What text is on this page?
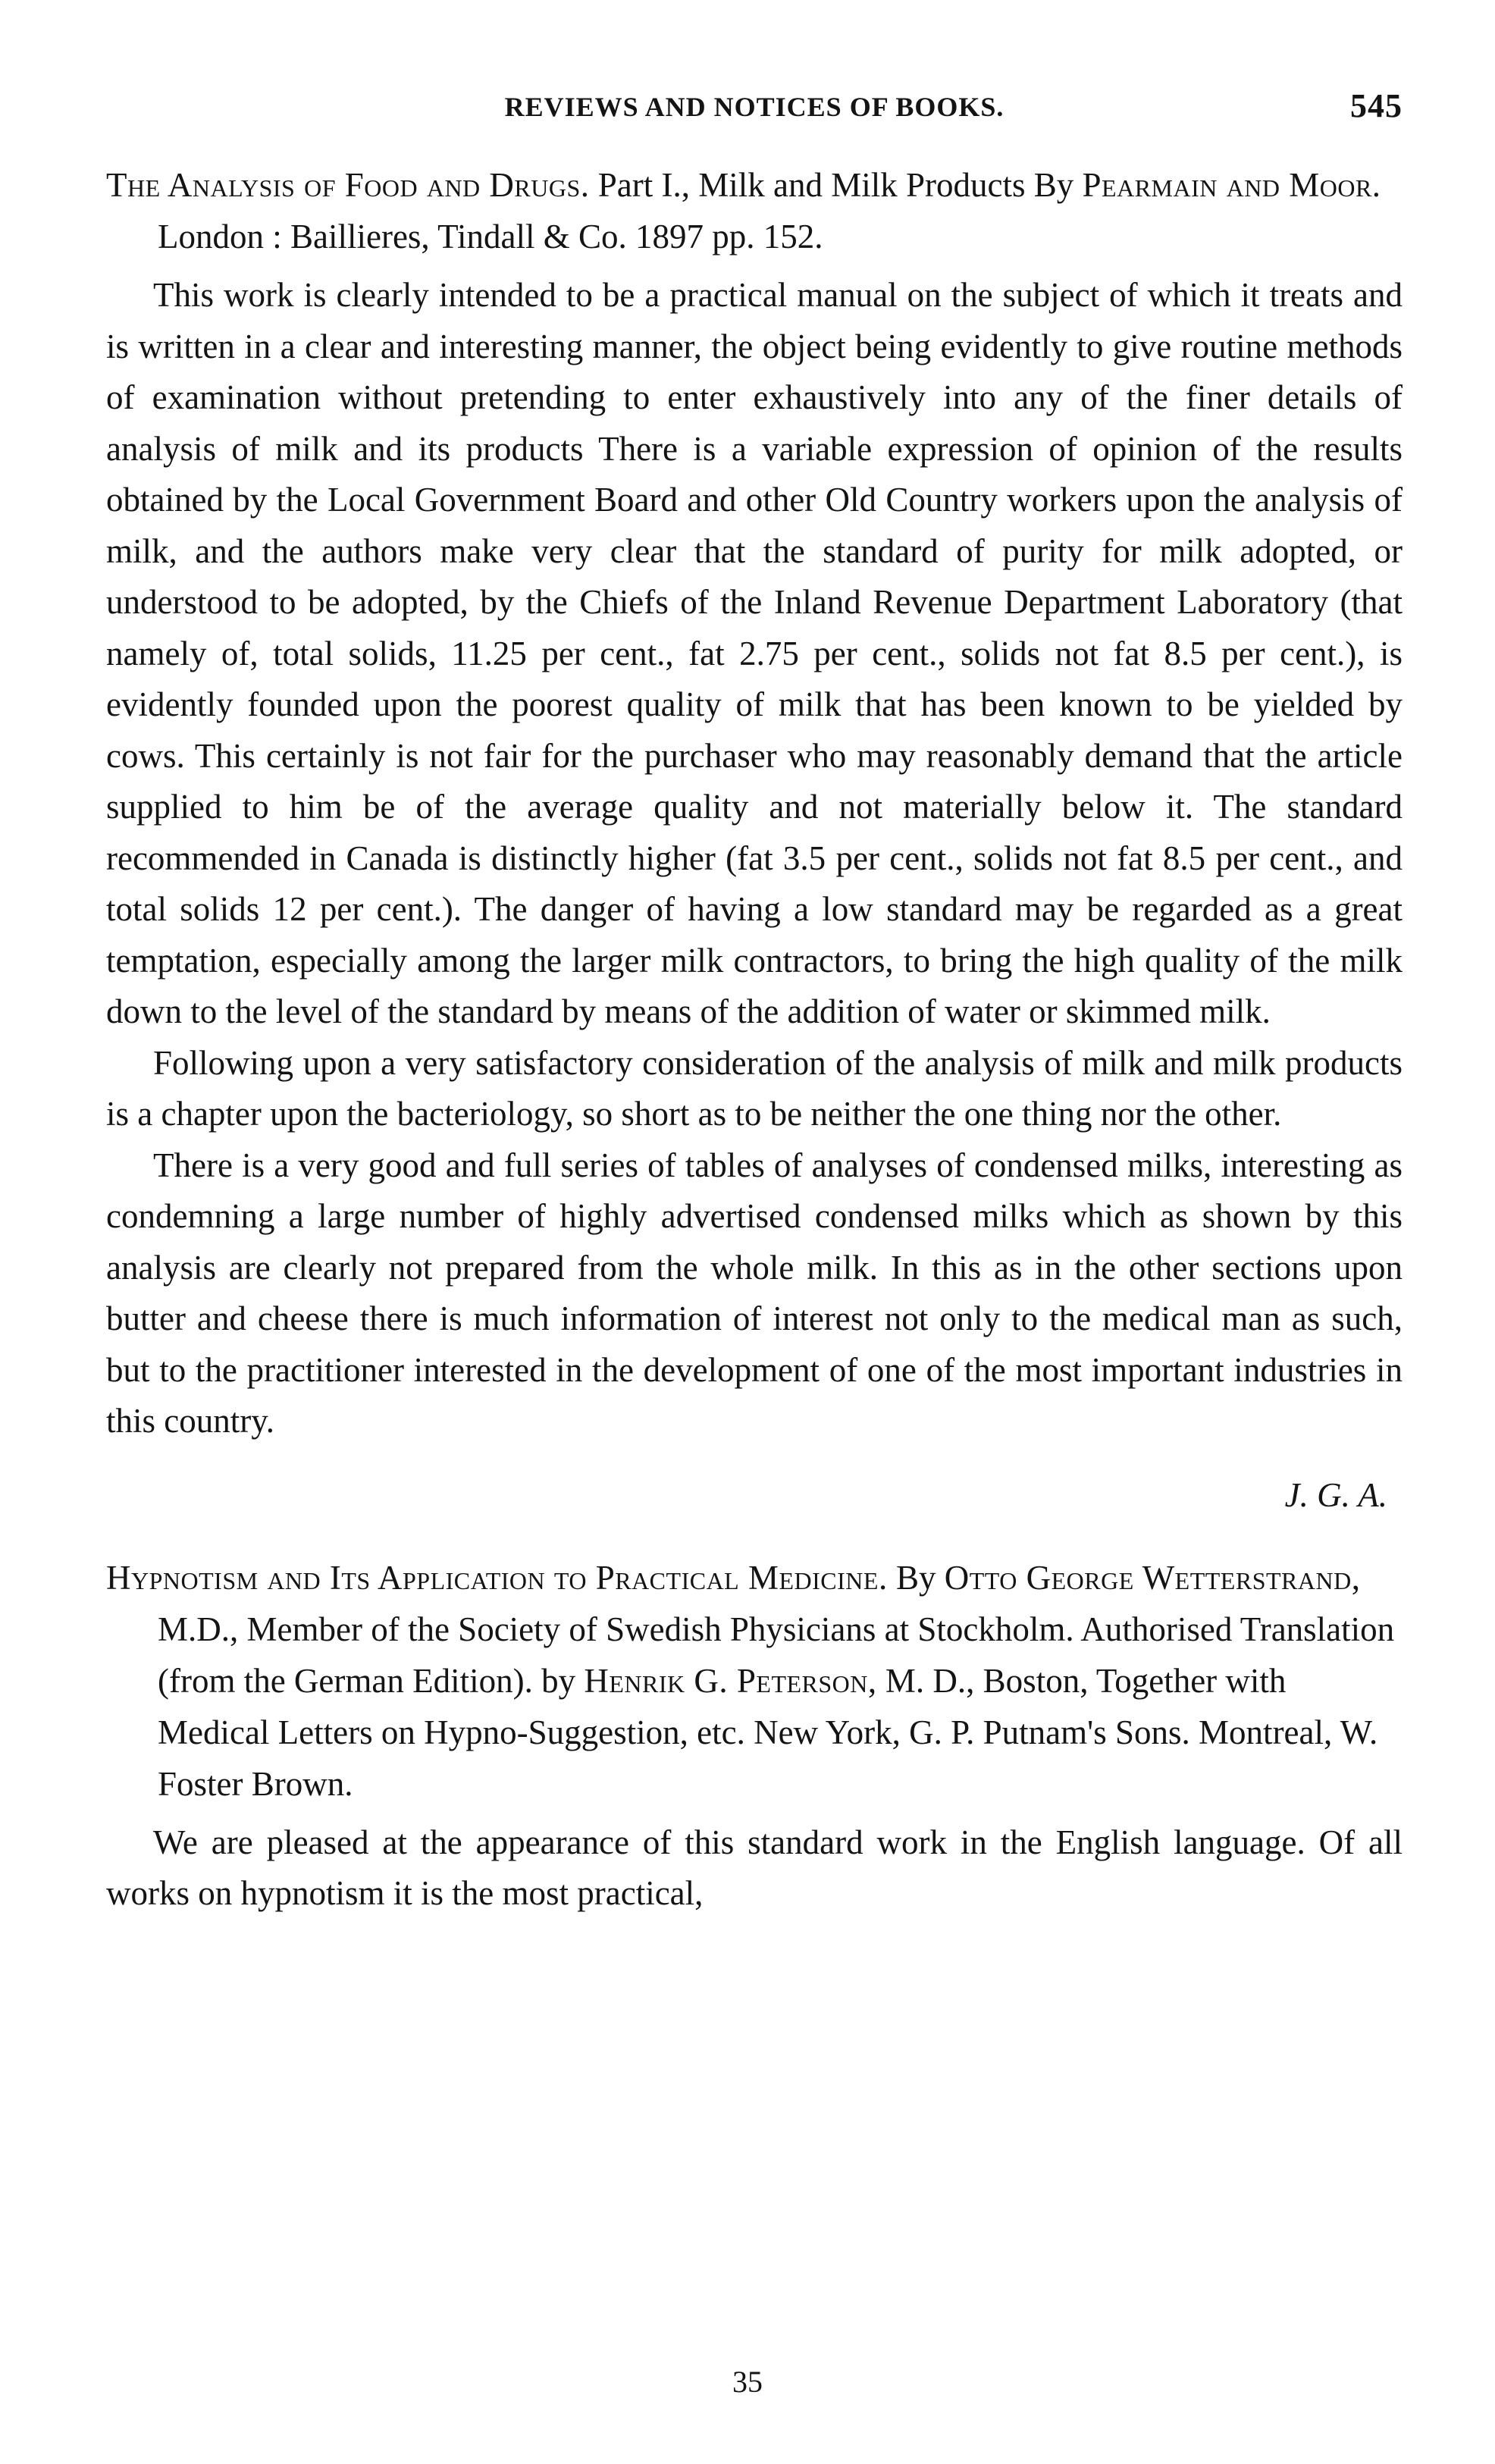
REVIEWS AND NOTICES OF BOOKS.	545
The Analysis of Food and Drugs. Part I., Milk and Milk Products By Pearmain and Moor. London : Baillieres, Tindall & Co. 1897 pp. 152.

This work is clearly intended to be a practical manual on the subject of which it treats and is written in a clear and interesting manner, the object being evidently to give routine methods of examination without pretending to enter exhaustively into any of the finer details of analysis of milk and its products There is a variable expression of opinion of the results obtained by the Local Government Board and other Old Country workers upon the analysis of milk, and the authors make very clear that the standard of purity for milk adopted, or understood to be adopted, by the Chiefs of the Inland Revenue Department Laboratory (that namely of, total solids, 11.25 per cent., fat 2.75 per cent., solids not fat 8.5 per cent.), is evidently founded upon the poorest quality of milk that has been known to be yielded by cows. This certainly is not fair for the purchaser who may reasonably demand that the article supplied to him be of the average quality and not materially below it. The standard recommended in Canada is distinctly higher (fat 3.5 per cent., solids not fat 8.5 per cent., and total solids 12 per cent.). The danger of having a low standard may be regarded as a great temptation, especially among the larger milk contractors, to bring the high quality of the milk down to the level of the standard by means of the addition of water or skimmed milk.

Following upon a very satisfactory consideration of the analysis of milk and milk products is a chapter upon the bacteriology, so short as to be neither the one thing nor the other.

There is a very good and full series of tables of analyses of condensed milks, interesting as condemning a large number of highly advertised condensed milks which as shown by this analysis are clearly not prepared from the whole milk. In this as in the other sections upon butter and cheese there is much information of interest not only to the medical man as such, but to the practitioner interested in the development of one of the most important industries in this country.

J. G. A.
Hypnotism and Its Application to Practical Medicine. By Otto George Wetterstrand, M.D., Member of the Society of Swedish Physicians at Stockholm. Authorised Translation (from the German Edition). by Henrik G. Peterson, M. D., Boston, Together with Medical Letters on Hypno-Suggestion, etc. New York, G. P. Putnam's Sons. Montreal, W. Foster Brown.

We are pleased at the appearance of this standard work in the English language. Of all works on hypnotism it is the most practical,

35
